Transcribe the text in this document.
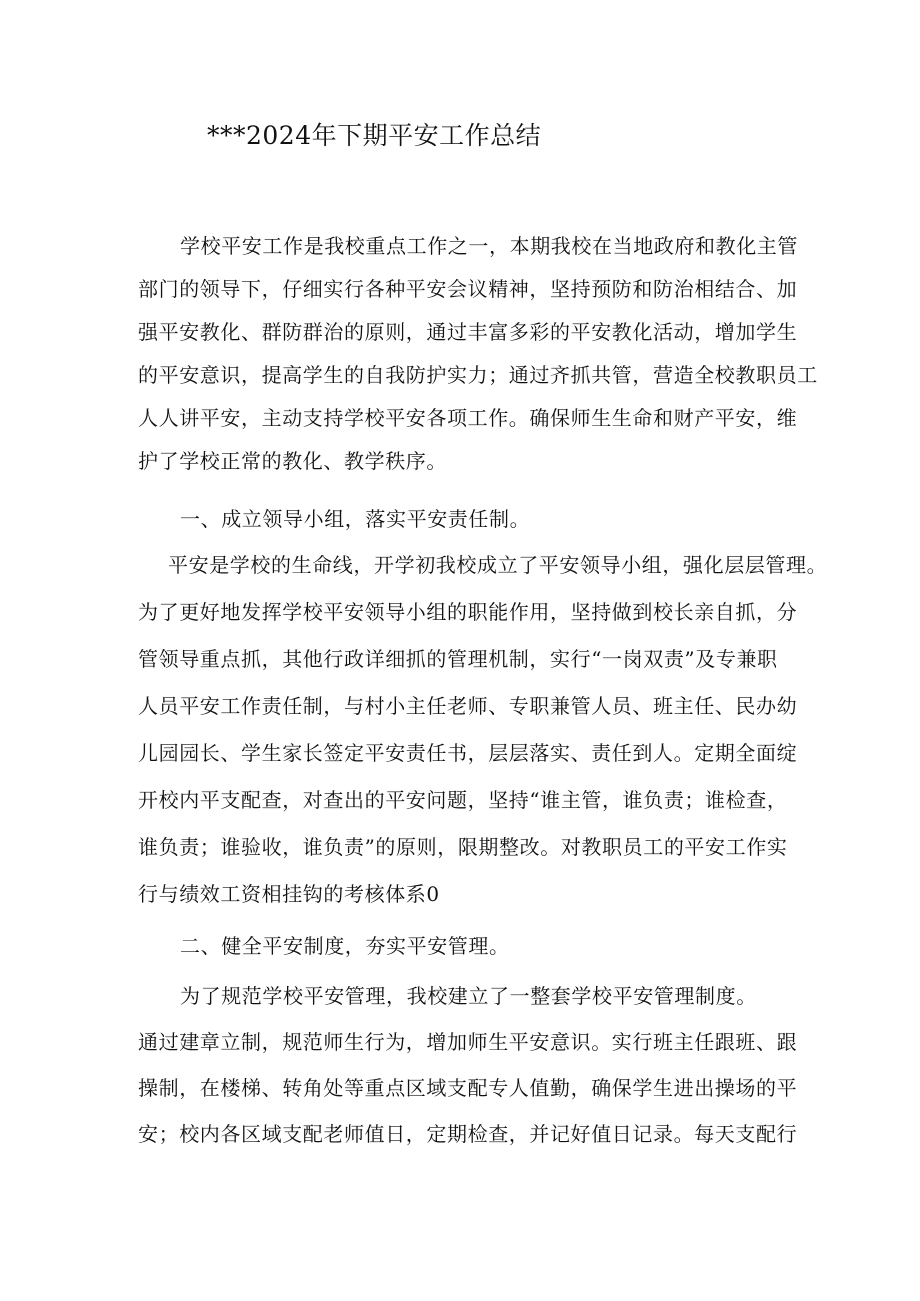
***2024年下期平安工作总结
学校平安工作是我校重点工作之一，本期我校在当地政府和教化主管
部门的领导下，仔细实行各种平安会议精神，坚持预防和防治相结合、加
强平安教化、群防群治的原则，通过丰富多彩的平安教化活动，增加学生
的平安意识，提高学生的自我防护实力；通过齐抓共管，营造全校教职员工
人人讲平安，主动支持学校平安各项工作。确保师生生命和财产平安，维
护了学校正常的教化、教学秩序。
一、成立领导小组，落实平安责任制。
平安是学校的生命线，开学初我校成立了平安领导小组，强化层层管理。
为了更好地发挥学校平安领导小组的职能作用，坚持做到校长亲自抓，分
管领导重点抓，其他行政详细抓的管理机制，实行“一岗双责”及专兼职
人员平安工作责任制，与村小主任老师、专职兼管人员、班主任、民办幼
儿园园长、学生家长签定平安责任书，层层落实、责任到人。定期全面绽
开校内平支配查，对查出的平安问题，坚持“谁主管，谁负责；谁检查，
谁负责；谁验收，谁负责”的原则，限期整改。对教职员工的平安工作实
行与绩效工资相挂钩的考核体系0
二、健全平安制度，夯实平安管理。
为了规范学校平安管理，我校建立了一整套学校平安管理制度。
通过建章立制，规范师生行为，增加师生平安意识。实行班主任跟班、跟
操制，在楼梯、转角处等重点区域支配专人值勤，确保学生进出操场的平
安；校内各区域支配老师值日，定期检查，并记好值日记录。每天支配行
